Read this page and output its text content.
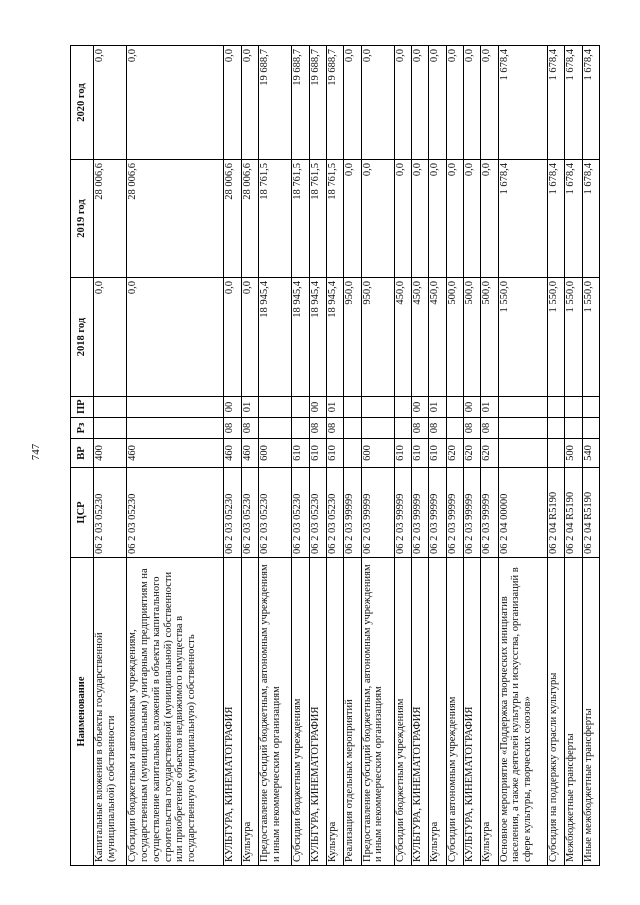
747
Наименование	ЦСР	ВР	Рз	ПР	2018 год	2019 год	2020 год
Капитальные вложения в объекты государственной (муниципальной) собственности	06 2 03 05230	400			0,0	28 006,6	0,0
Субсидии бюджетным и автономным учреждениям, государственным (муниципальным) унитарным предприятиям на осуществление капитальных вложений в объекты капитального строительства государственной (муниципальной) собственности или приобретение объектов недвижимого имущества в государственную (муниципальную) собственность	06 2 03 05230	460			0,0	28 006,6	0,0
КУЛЬТУРА, КИНЕМАТОГРАФИЯ	06 2 03 05230	460	08	00	0,0	28 006,6	0,0
Культура	06 2 03 05230	460	08	01	0,0	28 006,6	0,0
Предоставление субсидий бюджетным, автономным учреждениям и иным некоммерческим организациям	06 2 03 05230	600			18 945,4	18 761,5	19 688,7
Субсидии бюджетным учреждениям	06 2 03 05230	610			18 945,4	18 761,5	19 688,7
КУЛЬТУРА, КИНЕМАТОГРАФИЯ	06 2 03 05230	610	08	00	18 945,4	18 761,5	19 688,7
Культура	06 2 03 05230	610	08	01	18 945,4	18 761,5	19 688,7
Реализация отдельных мероприятий	06 2 03 99999				950,0	0,0	0,0
Предоставление субсидий бюджетным, автономным учреждениям и иным некоммерческим организациям	06 2 03 99999	600			950,0	0,0	0,0
Субсидии бюджетным учреждениям	06 2 03 99999	610			450,0	0,0	0,0
КУЛЬТУРА, КИНЕМАТОГРАФИЯ	06 2 03 99999	610	08	00	450,0	0,0	0,0
Культура	06 2 03 99999	610	08	01	450,0	0,0	0,0
Субсидии автономным учреждениям	06 2 03 99999	620			500,0	0,0	0,0
КУЛЬТУРА, КИНЕМАТОГРАФИЯ	06 2 03 99999	620	08	00	500,0	0,0	0,0
Культура	06 2 03 99999	620	08	01	500,0	0,0	0,0
Основное мероприятие «Поддержка творческих инициатив населения, а также деятелей культуры и искусства, организаций в сфере культуры, творческих союзов»	06 2 04 00000				1 550,0	1 678,4	1 678,4
Субсидия на поддержку отрасли культуры	06 2 04 R5190				1 550,0	1 678,4	1 678,4
Межбюджетные трансферты	06 2 04 R5190	500			1 550,0	1 678,4	1 678,4
Иные межбюджетные трансферты	06 2 04 R5190	540			1 550,0	1 678,4	1 678,4
